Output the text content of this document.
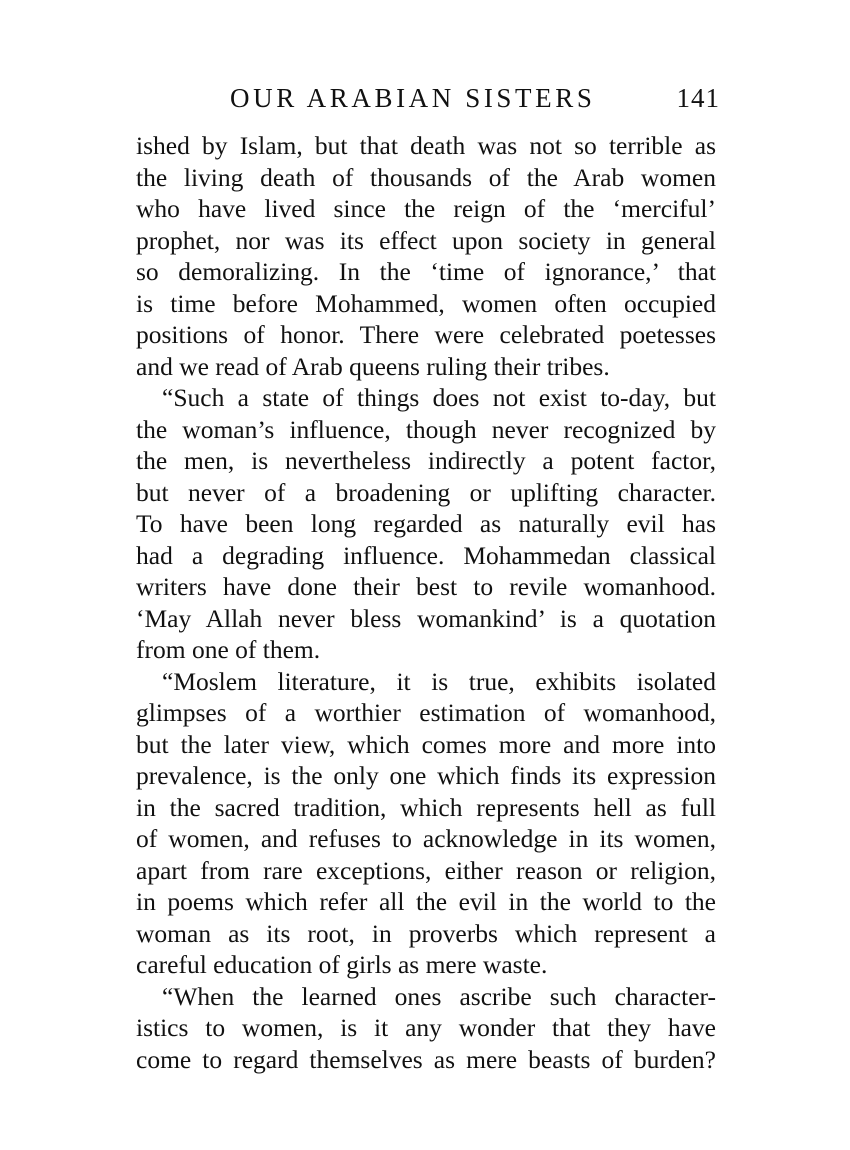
OUR ARABIAN SISTERS	141
ished by Islam, but that death was not so terrible as
the living death of thousands of the Arab women
who have lived since the reign of the ‘merciful’
prophet, nor was its effect upon society in general
so demoralizing. In the ‘time of ignorance,’ that
is time before Mohammed, women often occupied
positions of honor. There were celebrated poetesses
and we read of Arab queens ruling their tribes.
“Such a state of things does not exist to-day, but
the woman’s influence, though never recognized by
the men, is nevertheless indirectly a potent factor,
but never of a broadening or uplifting character.
To have been long regarded as naturally evil has
had a degrading influence. Mohammedan classical
writers have done their best to revile womanhood.
‘May Allah never bless womankind’ is a quotation
from one of them.
“Moslem literature, it is true, exhibits isolated
glimpses of a worthier estimation of womanhood,
but the later view, which comes more and more into
prevalence, is the only one which finds its expression
in the sacred tradition, which represents hell as full
of women, and refuses to acknowledge in its women,
apart from rare exceptions, either reason or religion,
in poems which refer all the evil in the world to the
woman as its root, in proverbs which represent a
careful education of girls as mere waste.
“When the learned ones ascribe such character-
istics to women, is it any wonder that they have
come to regard themselves as mere beasts of burden?
